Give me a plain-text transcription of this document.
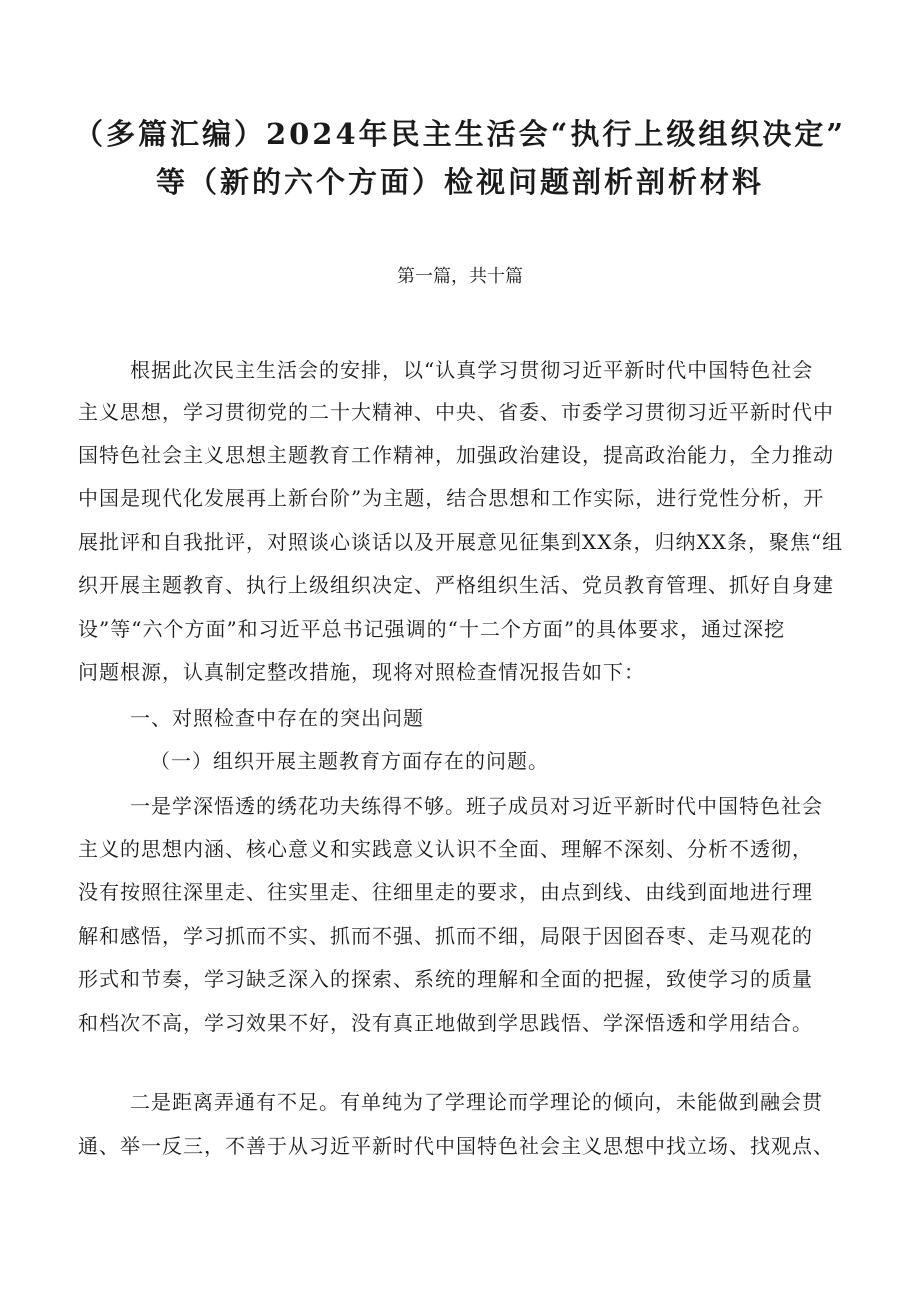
（多篇汇编）2024年民主生活会“执行上级组织决定”
等（新的六个方面）检视问题剖析剖析材料
第一篇，共十篇
根据此次民主生活会的安排，以“认真学习贯彻习近平新时代中国特色社会
主义思想，学习贯彻党的二十大精神、中央、省委、市委学习贯彻习近平新时代中
国特色社会主义思想主题教育工作精神，加强政治建设，提高政治能力，全力推动
中国是现代化发展再上新台阶”为主题，结合思想和工作实际，进行党性分析，开
展批评和自我批评，对照谈心谈话以及开展意见征集到XX条，归纳XX条，聚焦“组
织开展主题教育、执行上级组织决定、严格组织生活、党员教育管理、抓好自身建
设”等“六个方面”和习近平总书记强调的“十二个方面”的具体要求，通过深挖
问题根源，认真制定整改措施，现将对照检查情况报告如下：
一、对照检查中存在的突出问题
（一）组织开展主题教育方面存在的问题。
一是学深悟透的绣花功夫练得不够。班子成员对习近平新时代中国特色社会
主义的思想内涵、核心意义和实践意义认识不全面、理解不深刻、分析不透彻，
没有按照往深里走、往实里走、往细里走的要求，由点到线、由线到面地进行理
解和感悟，学习抓而不实、抓而不强、抓而不细，局限于因囵吞枣、走马观花的
形式和节奏，学习缺乏深入的探索、系统的理解和全面的把握，致使学习的质量
和档次不高，学习效果不好，没有真正地做到学思践悟、学深悟透和学用结合。
二是距离弄通有不足。有单纯为了学理论而学理论的倾向，未能做到融会贯
通、举一反三，不善于从习近平新时代中国特色社会主义思想中找立场、找观点、
